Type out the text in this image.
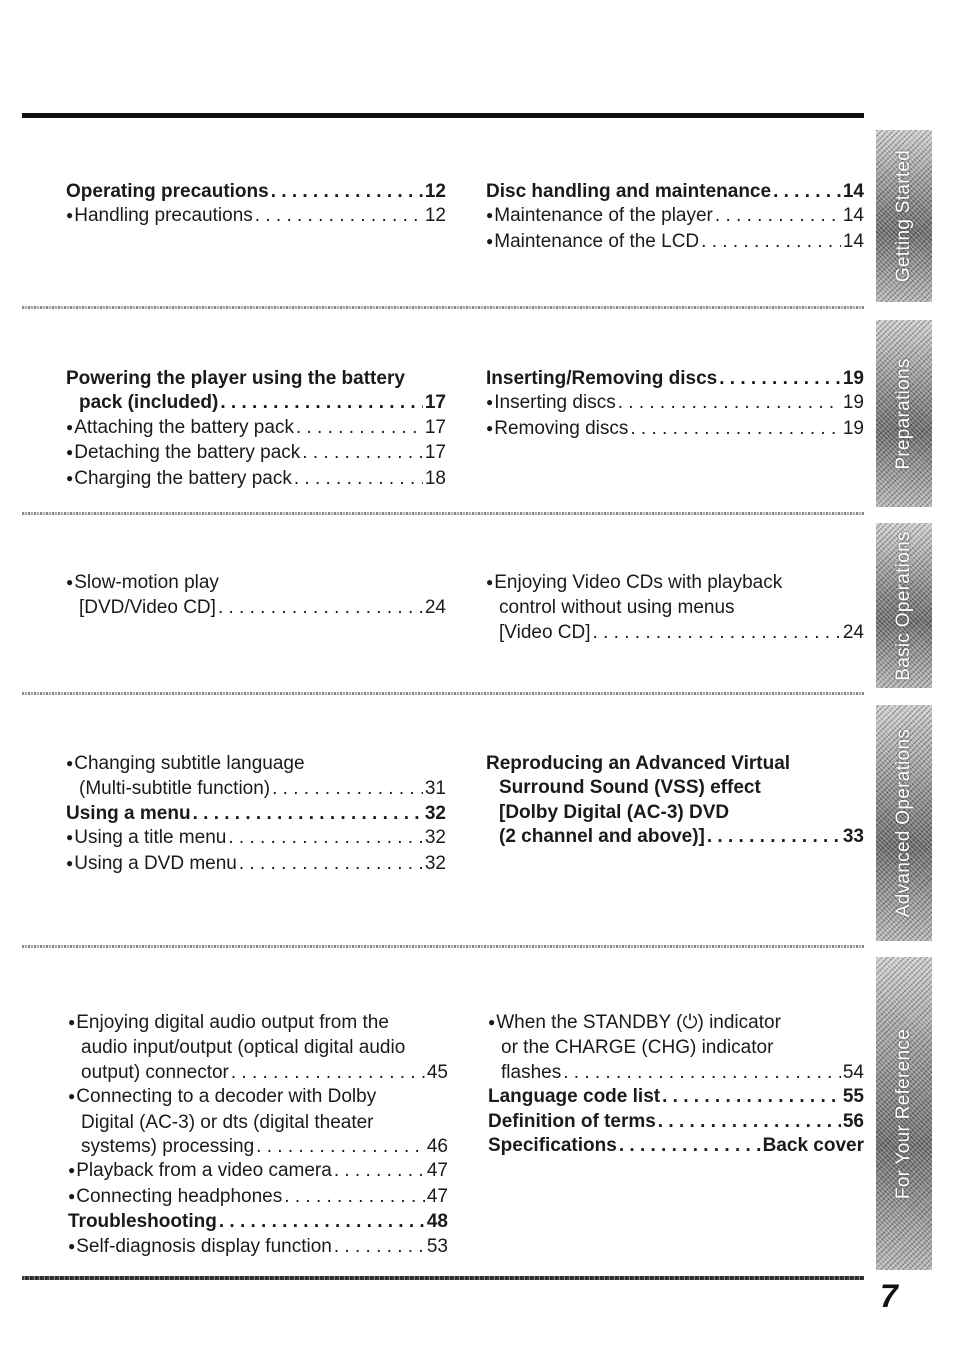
Operating precautions . . .	12
● Handling precautions . . .	12
Disc handling and maintenance . . .	14
● Maintenance of the player . . .	14
● Maintenance of the LCD . . .	14
Powering the player using the battery
pack (included) . . .	17
● Attaching the battery pack . . .	17
● Detaching the battery pack . . .	17
● Charging the battery pack . . .	18
Inserting/Removing discs . . .	19
● Inserting discs . . .	19
● Removing discs . . .	19
● Slow-motion play
[DVD/Video CD] . . .	24
● Enjoying Video CDs with playback
control without using menus
[Video CD] . . .	24
● Changing subtitle language
(Multi-subtitle function) . . .	31
Using a menu . . .	32
● Using a title menu . . .	32
● Using a DVD menu . . .	32
Reproducing an Advanced Virtual
Surround Sound (VSS) effect
[Dolby Digital (AC-3) DVD
(2 channel and above)] . . .	33
● Enjoying digital audio output from the
audio input/output (optical digital audio
output) connector . . .	45
● Connecting to a decoder with Dolby
Digital (AC-3) or dts (digital theater
systems) processing . . .	46
● Playback from a video camera . . .	47
● Connecting headphones . . .	47
Troubleshooting . . .	48
● Self-diagnosis display function . . .	53
● When the STANDBY (⏻) indicator
or the CHARGE (CHG) indicator
flashes . . .	54
Language code list . . .	55
Definition of terms . . .	56
Specifications . . .	Back cover
Getting Started
Preparations
Basic Operations
Advanced Operations
For Your Reference
7
